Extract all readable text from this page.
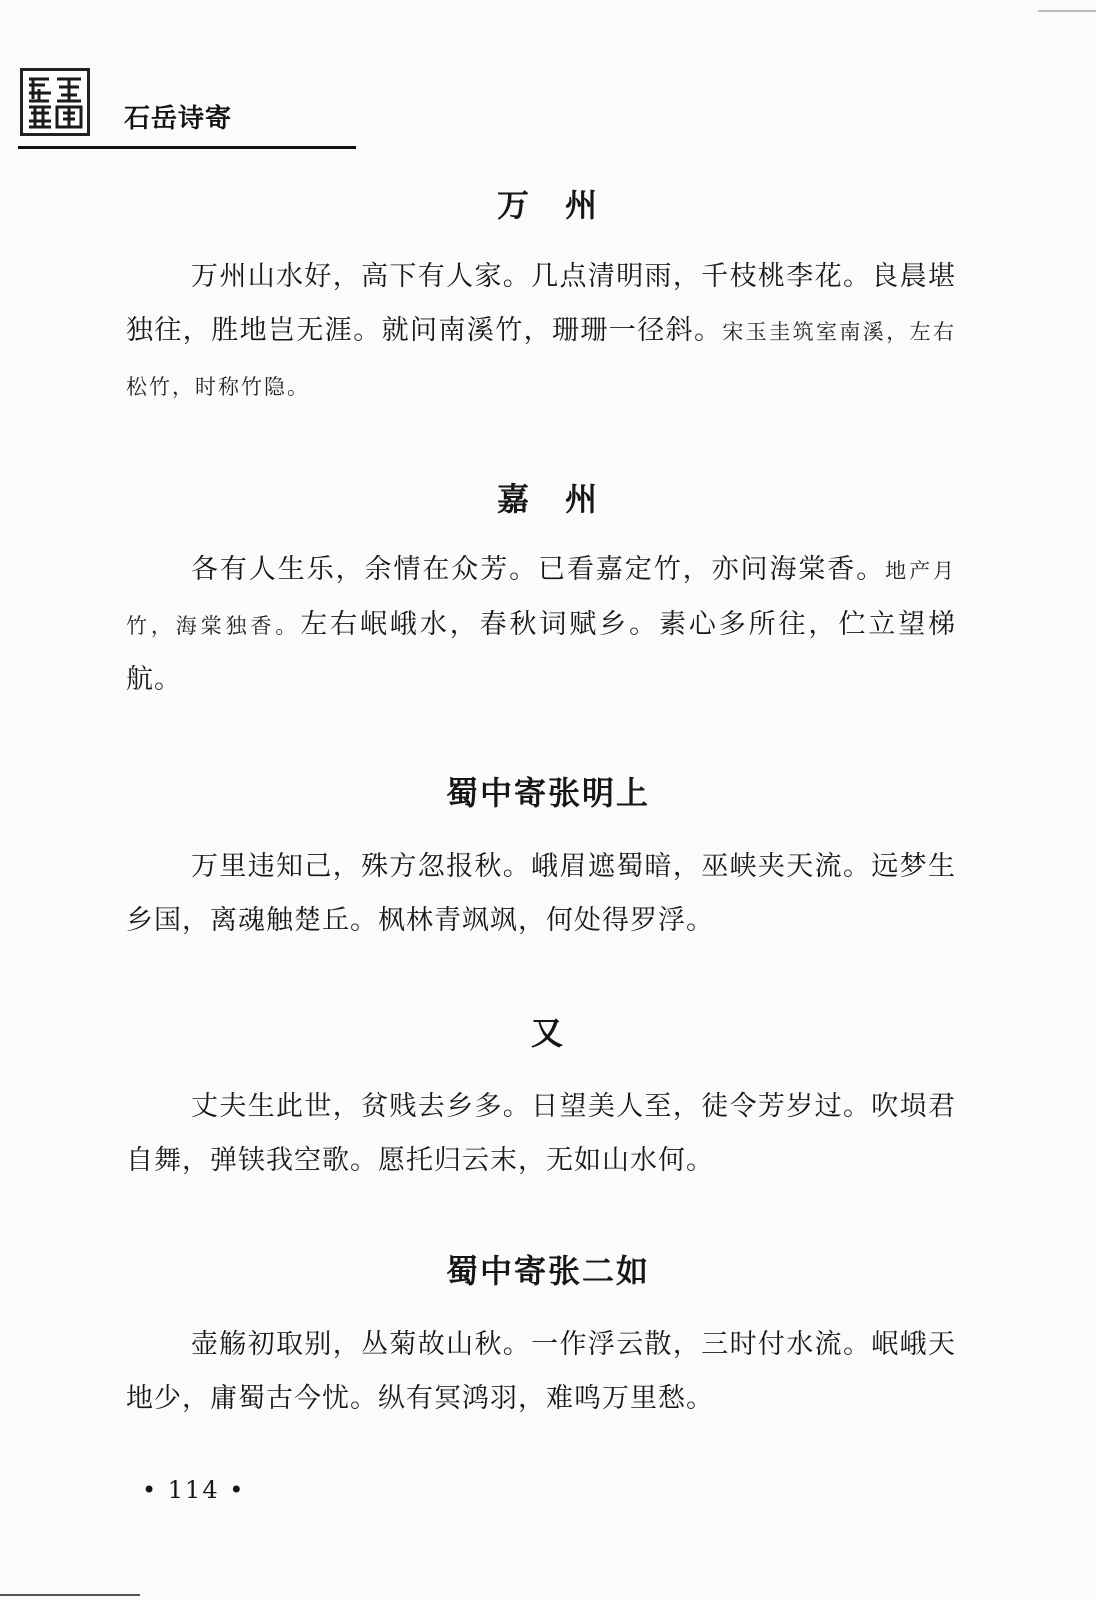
石岳诗寄
万　州
万州山水好，高下有人家。几点清明雨，千枝桃李花。良晨堪独往，胜地岂无涯。就问南溪竹，珊珊一径斜。宋玉圭筑室南溪，左右松竹，时称竹隐。
嘉　州
各有人生乐，余情在众芳。已看嘉定竹，亦问海棠香。地产月竹，海棠独香。左右岷峨水，春秋词赋乡。素心多所往，伫立望梯航。
蜀中寄张明上
万里违知己，殊方忽报秋。峨眉遮蜀暗，巫峡夹天流。远梦生乡国，离魂触楚丘。枫林青飒飒，何处得罗浮。
又
丈夫生此世，贫贱去乡多。日望美人至，徒令芳岁过。吹埙君自舞，弹铗我空歌。愿托归云末，无如山水何。
蜀中寄张二如
壶觞初取别，丛菊故山秋。一作浮云散，三时付水流。岷峨天地少，庸蜀古今忧。纵有冥鸿羽，难鸣万里愁。
• 114 •
